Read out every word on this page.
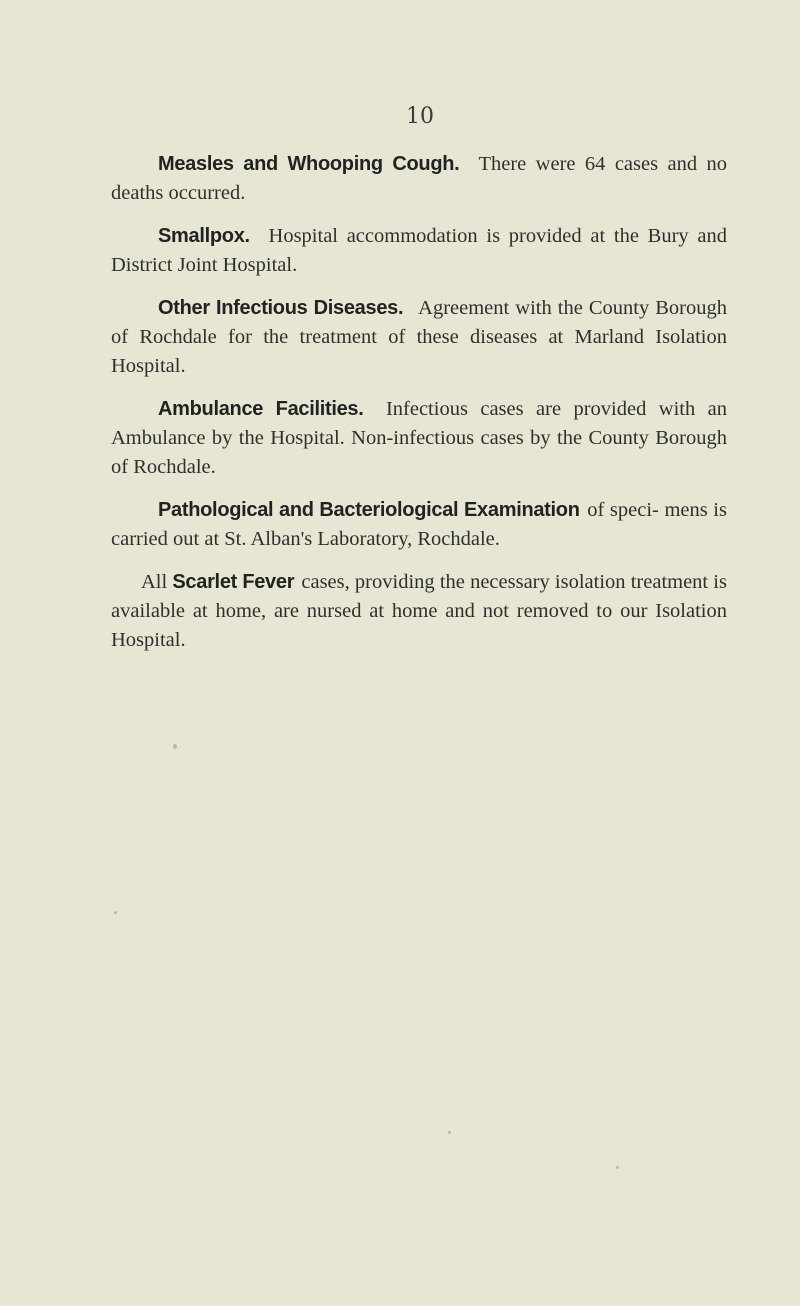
10

Measles and Whooping Cough. There were 64 cases and no deaths occurred.

Smallpox. Hospital accommodation is provided at the Bury and District Joint Hospital.

Other Infectious Diseases. Agreement with the County Borough of Rochdale for the treatment of these diseases at Marland Isolation Hospital.

Ambulance Facilities. Infectious cases are provided with an Ambulance by the Hospital. Non-infectious cases by the County Borough of Rochdale.

Pathological and Bacteriological Examination of speci- mens is carried out at St. Alban's Laboratory, Rochdale.

All Scarlet Fever cases, providing the necessary isolation treatment is available at home, are nursed at home and not removed to our Isolation Hospital.
